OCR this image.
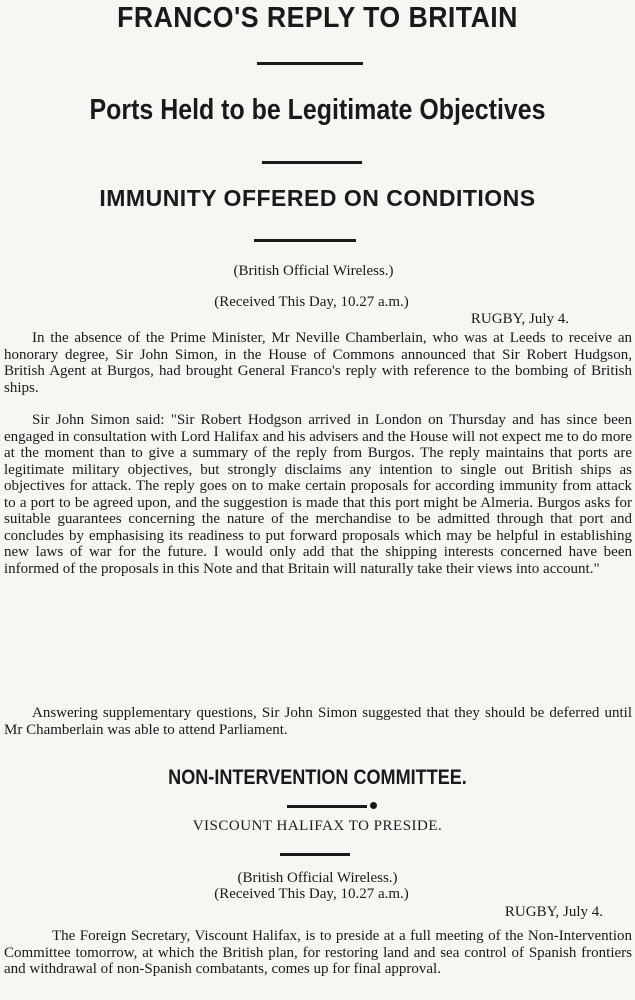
FRANCO'S REPLY TO BRITAIN
Ports Held to be Legitimate Objectives
IMMUNITY OFFERED ON CONDITIONS
(British Official Wireless.)
(Received This Day, 10.27 a.m.)
RUGBY, July 4.

In the absence of the Prime Minister, Mr Neville Chamberlain, who was at Leeds to receive an honorary degree, Sir John Simon, in the House of Commons announced that Sir Robert Hudgson, British Agent at Burgos, had brought General Franco's reply with reference to the bombing of British ships.

Sir John Simon said: "Sir Robert Hodgson arrived in London on Thursday and has since been engaged in consultation with Lord Halifax and his advisers and the House will not expect me to do more at the moment than to give a summary of the reply from Burgos. The reply maintains that ports are legitimate military objectives, but strongly disclaims any intention to single out British ships as objectives for attack. The reply goes on to make certain proposals for according immunity from attack to a port to be agreed upon, and the suggestion is made that this port might be Almeria. Burgos asks for suitable guarantees concerning the nature of the merchandise to be admitted through that port and concludes by emphasising its readiness to put forward proposals which may be helpful in establishing new laws of war for the future. I would only add that the shipping interests concerned have been informed of the proposals in this Note and that Britain will naturally take their views into account."

Answering supplementary questions, Sir John Simon suggested that they should be deferred until Mr Chamberlain was able to attend Parliament.

NON-INTERVENTION COMMITTEE.
VISCOUNT HALIFAX TO PRESIDE.
(British Official Wireless.)
(Received This Day, 10.27 a.m.)
RUGBY, July 4.

The Foreign Secretary, Viscount Halifax, is to preside at a full meeting of the Non-Intervention Committee tomorrow, at which the British plan, for restoring land and sea control of Spanish frontiers and withdrawal of non-Spanish combatants, comes up for final approval.
